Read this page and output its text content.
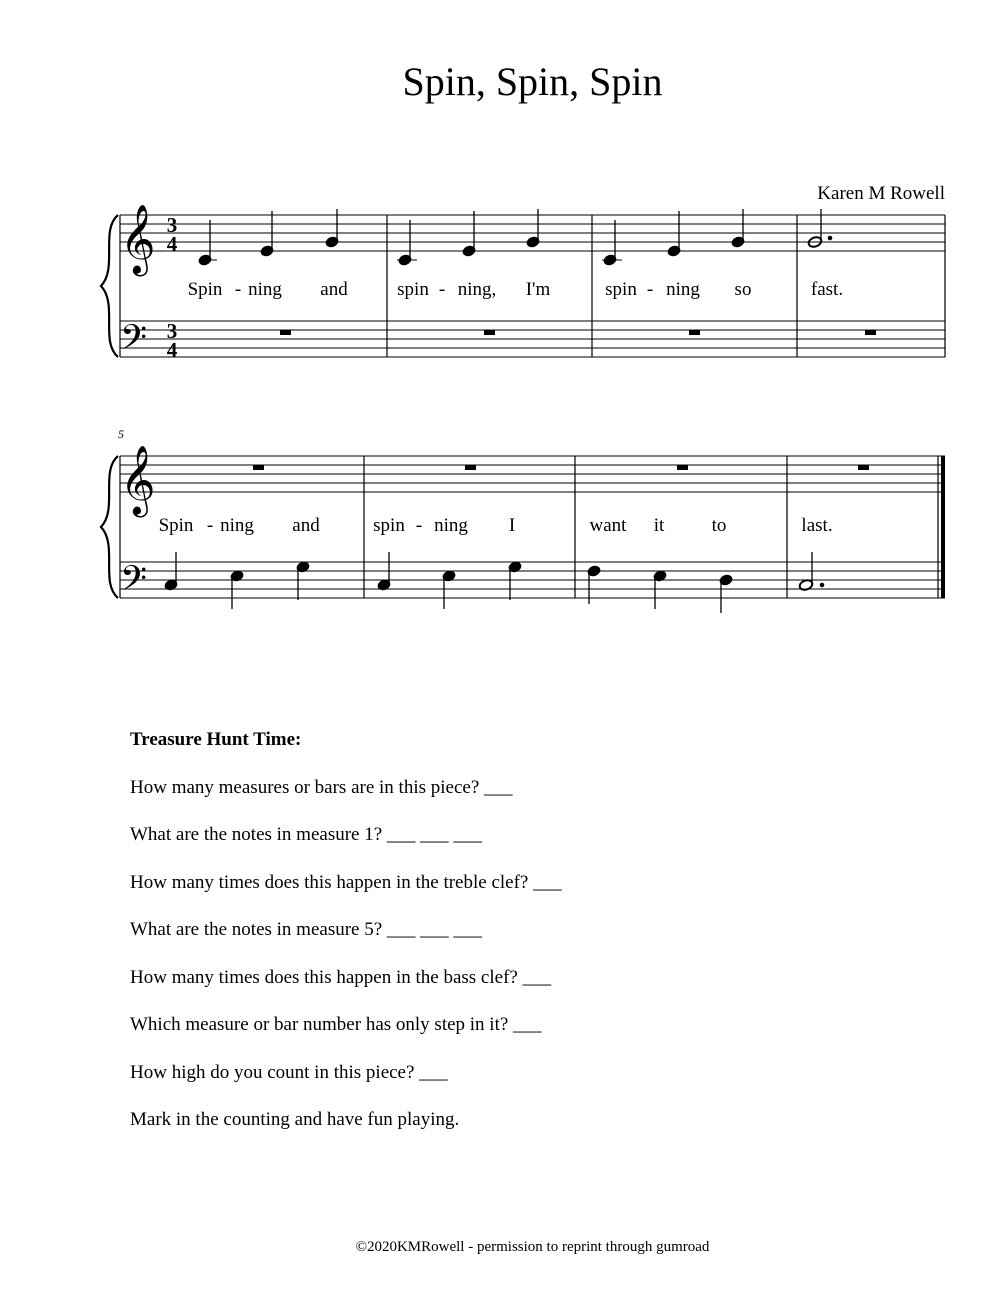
Spin, Spin, Spin
Karen M Rowell
𝄞
𝄢
3
4
3
4
𝄞
𝄢
5
Spin - ning and	spin - ning, I'm	spin - ning so	fast.
Spin - ning and	spin - ning I	want it to	last.

Treasure Hunt Time:

How many measures or bars are in this piece? ___

What are the notes in measure 1? ___ ___ ___

How many times does this happen in the treble clef? ___

What are the notes in measure 5? ___ ___ ___

How many times does this happen in the bass clef? ___

Which measure or bar number has only step in it? ___

How high do you count in this piece? ___

Mark in the counting and have fun playing.

©2020KMRowell - permission to reprint through gumroad
